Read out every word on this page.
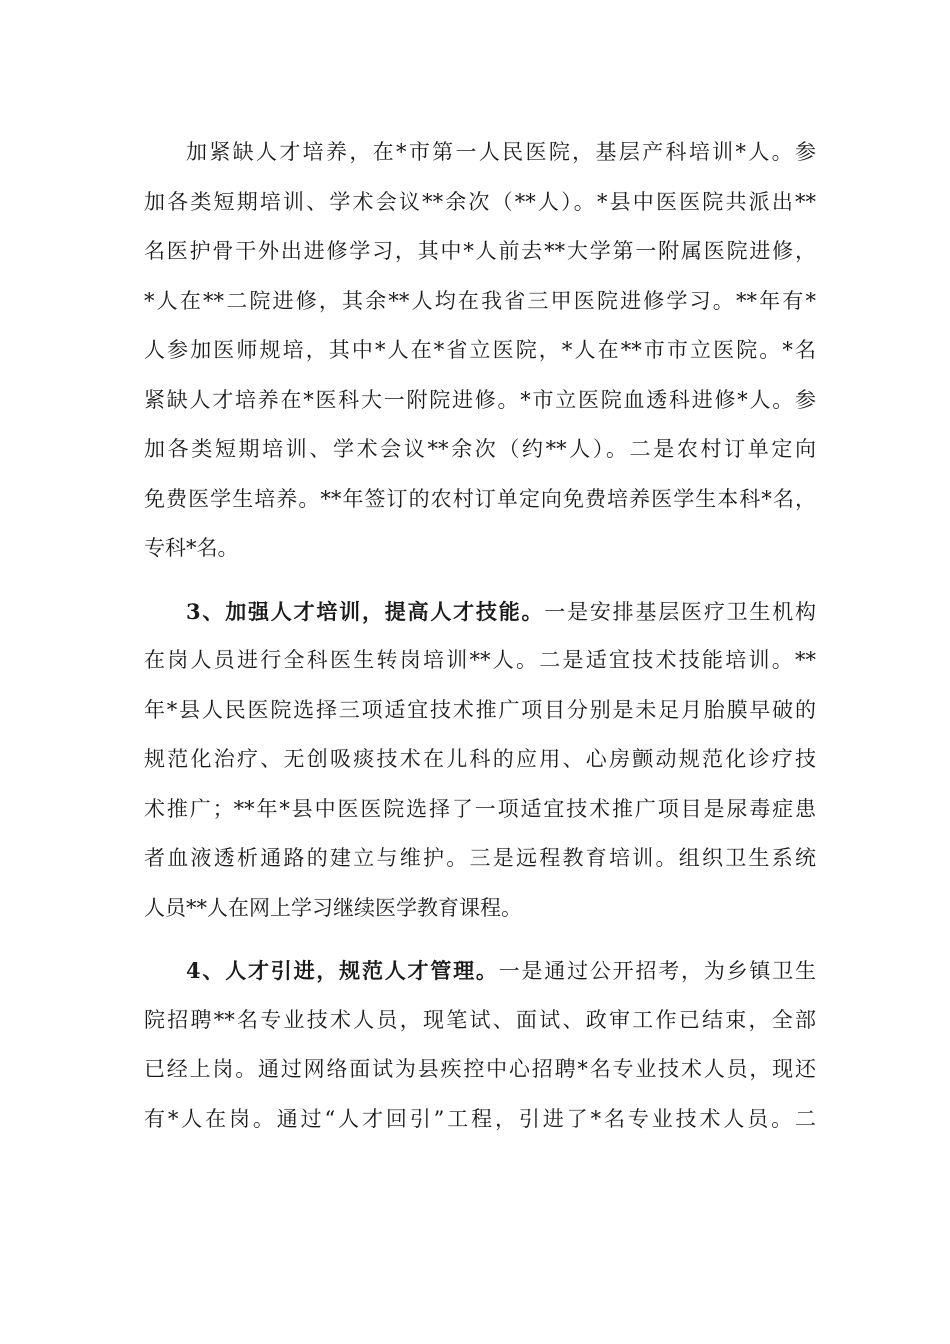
加紧缺人才培养，在*市第一人民医院，基层产科培训*人。参
加各类短期培训、学术会议**余次（**人）。*县中医医院共派出**
名医护骨干外出进修学习，其中*人前去**大学第一附属医院进修，
*人在**二院进修，其余**人均在我省三甲医院进修学习。**年有*
人参加医师规培，其中*人在*省立医院，*人在**市市立医院。*名
紧缺人才培养在*医科大一附院进修。*市立医院血透科进修*人。参
加各类短期培训、学术会议**余次（约**人）。二是农村订单定向
免费医学生培养。**年签订的农村订单定向免费培养医学生本科*名，
专科*名。
3、加强人才培训，提高人才技能。一是安排基层医疗卫生机构
在岗人员进行全科医生转岗培训**人。二是适宜技术技能培训。**
年*县人民医院选择三项适宜技术推广项目分别是未足月胎膜早破的
规范化治疗、无创吸痰技术在儿科的应用、心房颤动规范化诊疗技
术推广；**年*县中医医院选择了一项适宜技术推广项目是尿毒症患
者血液透析通路的建立与维护。三是远程教育培训。组织卫生系统
人员**人在网上学习继续医学教育课程。
4、人才引进，规范人才管理。一是通过公开招考，为乡镇卫生
院招聘**名专业技术人员，现笔试、面试、政审工作已结束，全部
已经上岗。通过网络面试为县疾控中心招聘*名专业技术人员，现还
有*人在岗。通过“人才回引”工程，引进了*名专业技术人员。二
